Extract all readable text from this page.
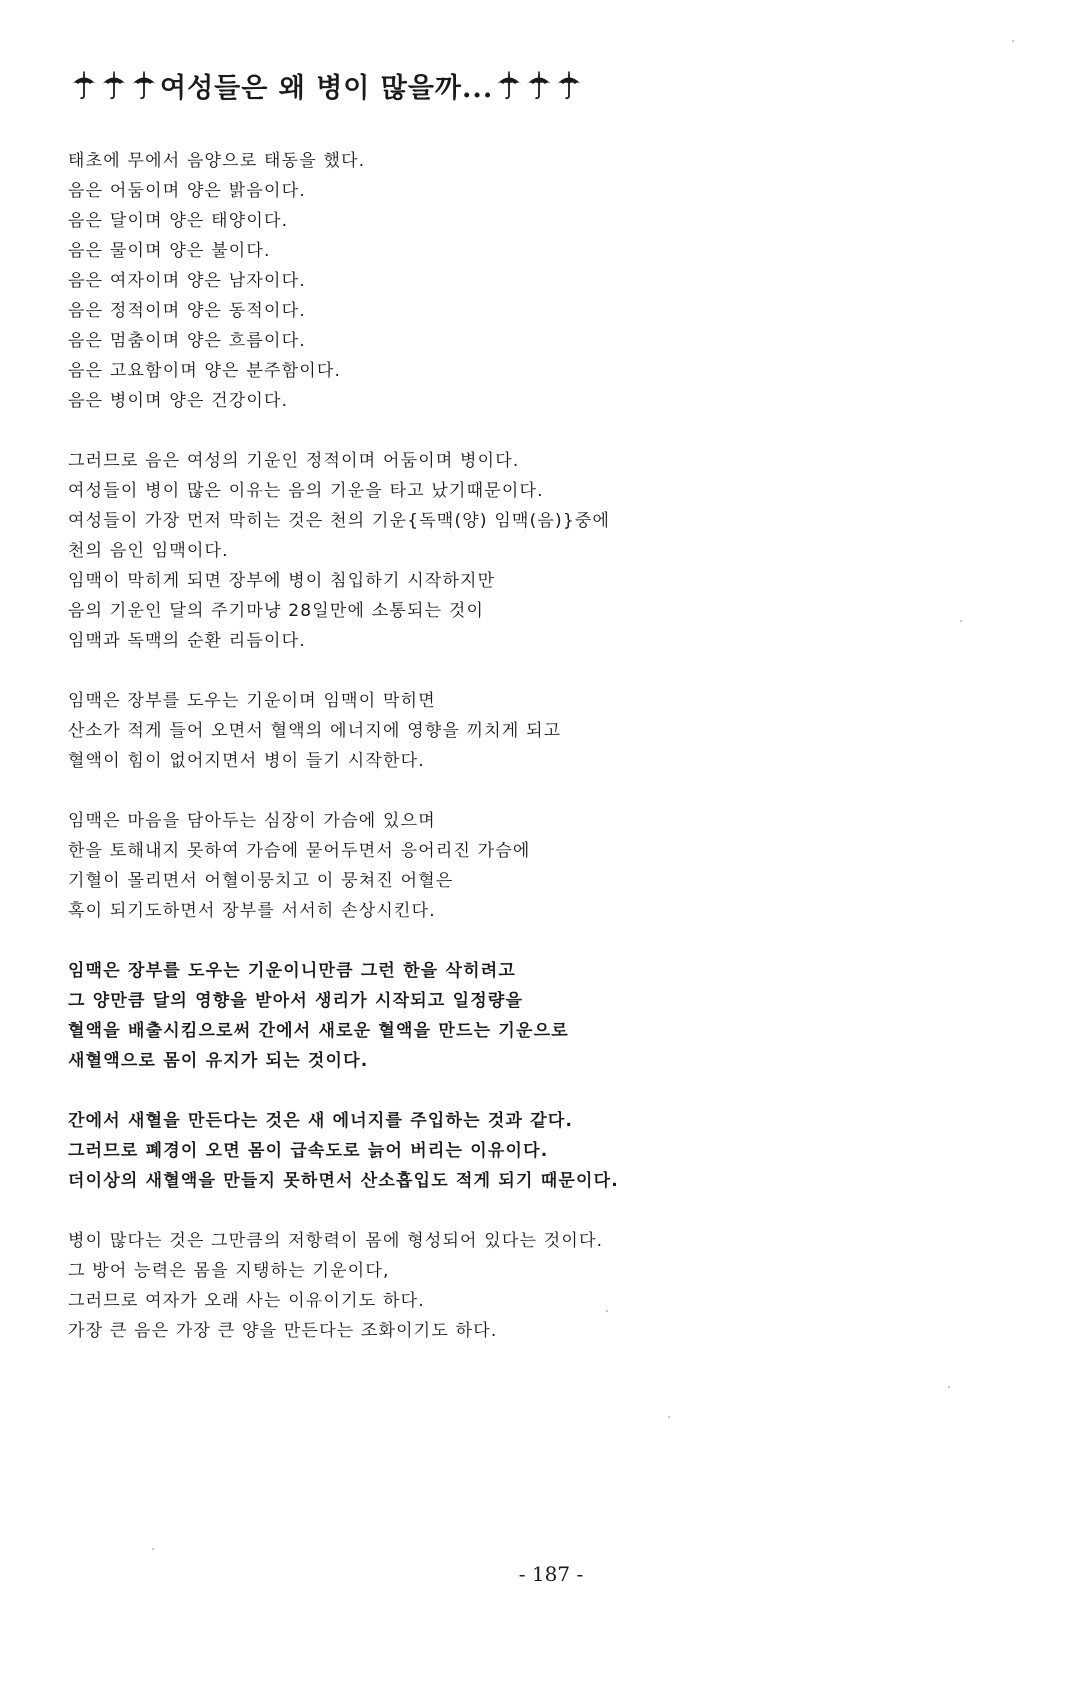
여성들은 왜 병이 많을까...
태초에 무에서 음양으로 태동을 했다.
음은 어둠이며 양은 밝음이다.
음은 달이며 양은 태양이다.
음은 물이며 양은 불이다.
음은 여자이며 양은 남자이다.
음은 정적이며 양은 동적이다.
음은 멈춤이며 양은 흐름이다.
음은 고요함이며 양은 분주함이다.
음은 병이며 양은 건강이다.
그러므로 음은 여성의 기운인 정적이며 어둠이며 병이다.
여성들이 병이 많은 이유는 음의 기운을 타고 났기때문이다.
여성들이 가장 먼저 막히는 것은 천의 기운{독맥(양) 임맥(음)}중에
천의 음인 임맥이다.
임맥이 막히게 되면 장부에 병이 침입하기 시작하지만
음의 기운인 달의 주기마냥 28일만에 소통되는 것이
임맥과 독맥의 순환 리듬이다.
임맥은 장부를 도우는 기운이며 임맥이 막히면
산소가 적게 들어 오면서 혈액의 에너지에 영향을 끼치게 되고
혈액이 힘이 없어지면서 병이 들기 시작한다.
임맥은 마음을 담아두는 심장이 가슴에 있으며
한을 토해내지 못하여 가슴에 묻어두면서 응어리진 가슴에
기혈이 몰리면서 어혈이뭉치고 이 뭉쳐진 어혈은
혹이 되기도하면서 장부를 서서히 손상시킨다.
임맥은 장부를 도우는 기운이니만큼 그런 한을 삭히려고
그 양만큼 달의 영향을 받아서 생리가 시작되고 일정량을
혈액을 배출시킴으로써 간에서 새로운 혈액을 만드는 기운으로
새혈액으로 몸이 유지가 되는 것이다.
간에서 새혈을 만든다는 것은 새 에너지를 주입하는 것과 같다.
그러므로 폐경이 오면 몸이 급속도로 늙어 버리는 이유이다.
더이상의 새혈액을 만들지 못하면서 산소흡입도 적게 되기 때문이다.
병이 많다는 것은 그만큼의 저항력이 몸에 형성되어 있다는 것이다.
그 방어 능력은 몸을 지탱하는 기운이다,
그러므로 여자가 오래 사는 이유이기도 하다.
가장 큰 음은 가장 큰 양을 만든다는 조화이기도 하다.
- 187 -
